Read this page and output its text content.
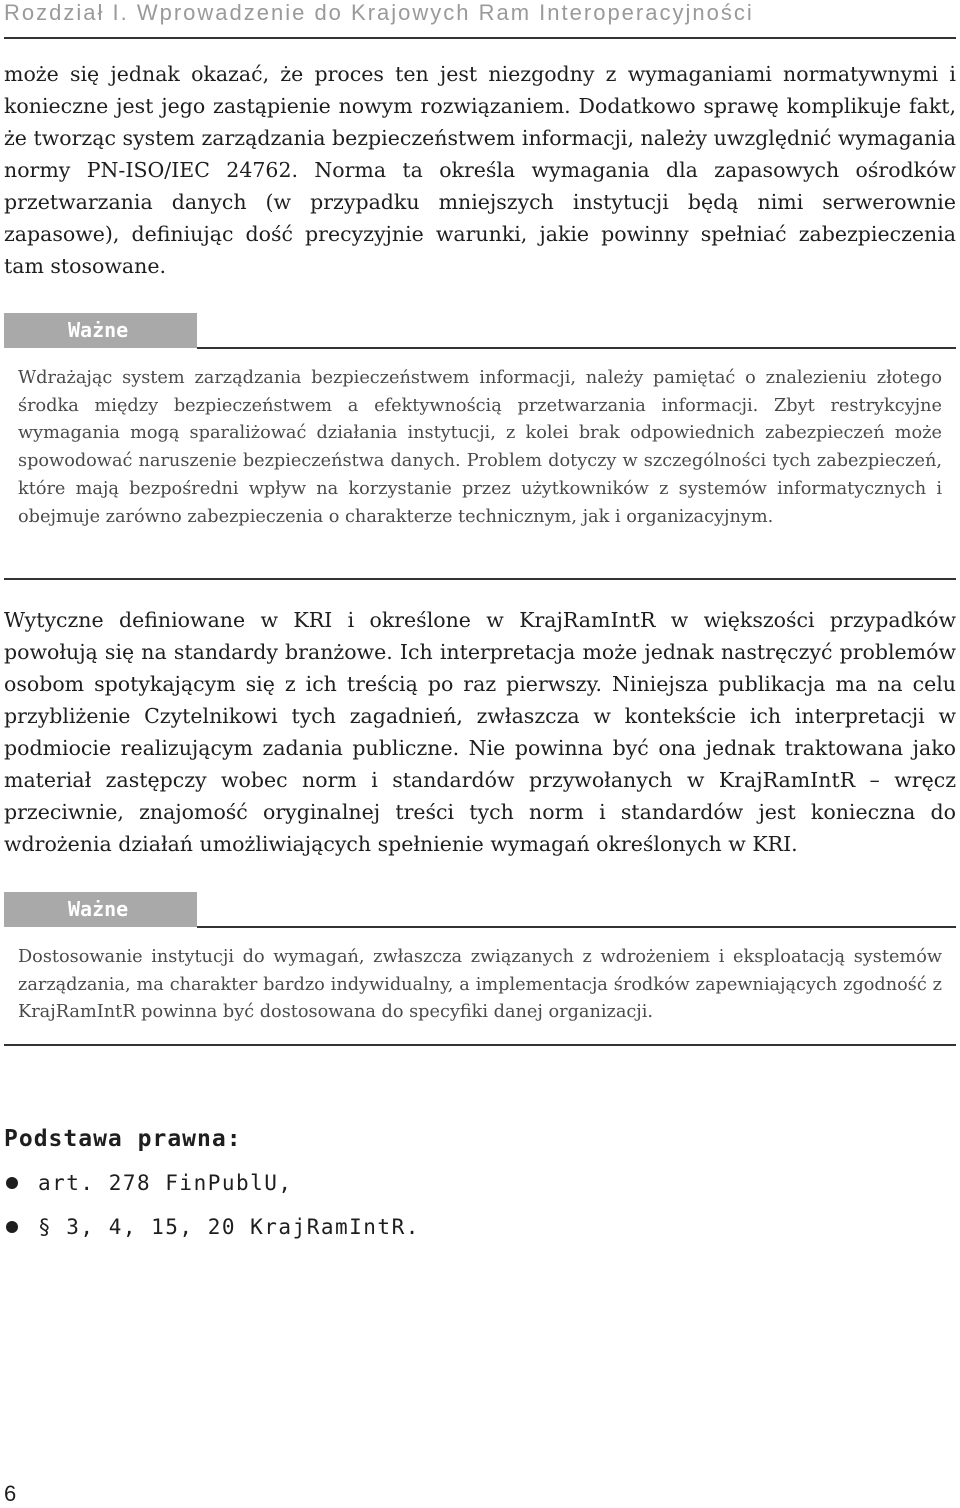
Rozdział I. Wprowadzenie do Krajowych Ram Interoperacyjności

może się jednak okazać, że proces ten jest niezgodny z wymaganiami normatywnymi i konieczne jest jego zastąpienie nowym rozwiązaniem. Dodatkowo sprawę komplikuje fakt, że tworząc system zarządzania bezpieczeństwem informacji, należy uwzględnić wymagania normy PN-ISO/IEC 24762. Norma ta określa wymagania dla zapasowych ośrodków przetwarzania danych (w przypadku mniejszych instytucji będą nimi serwerownie zapasowe), definiując dość precyzyjnie warunki, jakie powinny spełniać zabezpieczenia tam stosowane.

Ważne

Wdrażając system zarządzania bezpieczeństwem informacji, należy pamiętać o znalezieniu złotego środka między bezpieczeństwem a efektywnością przetwarzania informacji. Zbyt restrykcyjne wymagania mogą sparaliżować działania instytucji, z kolei brak odpowiednich zabezpieczeń może spowodować naruszenie bezpieczeństwa danych. Problem dotyczy w szczególności tych zabezpieczeń, które mają bezpośredni wpływ na korzystanie przez użytkowników z systemów informatycznych i obejmuje zarówno zabezpieczenia o charakterze technicznym, jak i organizacyjnym.

Wytyczne definiowane w KRI i określone w KrajRamIntR w większości przypadków powołują się na standardy branżowe. Ich interpretacja może jednak nastręczyć problemów osobom spotykającym się z ich treścią po raz pierwszy. Niniejsza publikacja ma na celu przybliżenie Czytelnikowi tych zagadnień, zwłaszcza w kontekście ich interpretacji w podmiocie realizującym zadania publiczne. Nie powinna być ona jednak traktowana jako materiał zastępczy wobec norm i standardów przywołanych w KrajRamIntR – wręcz przeciwnie, znajomość oryginalnej treści tych norm i standardów jest konieczna do wdrożenia działań umożliwiających spełnienie wymagań określonych w KRI.

Ważne

Dostosowanie instytucji do wymagań, zwłaszcza związanych z wdrożeniem i eksploatacją systemów zarządzania, ma charakter bardzo indywidualny, a implementacja środków zapewniających zgodność z KrajRamIntR powinna być dostosowana do specyfiki danej organizacji.

Podstawa prawna:
art. 278 FinPublU,
§ 3, 4, 15, 20 KrajRamIntR.
6
